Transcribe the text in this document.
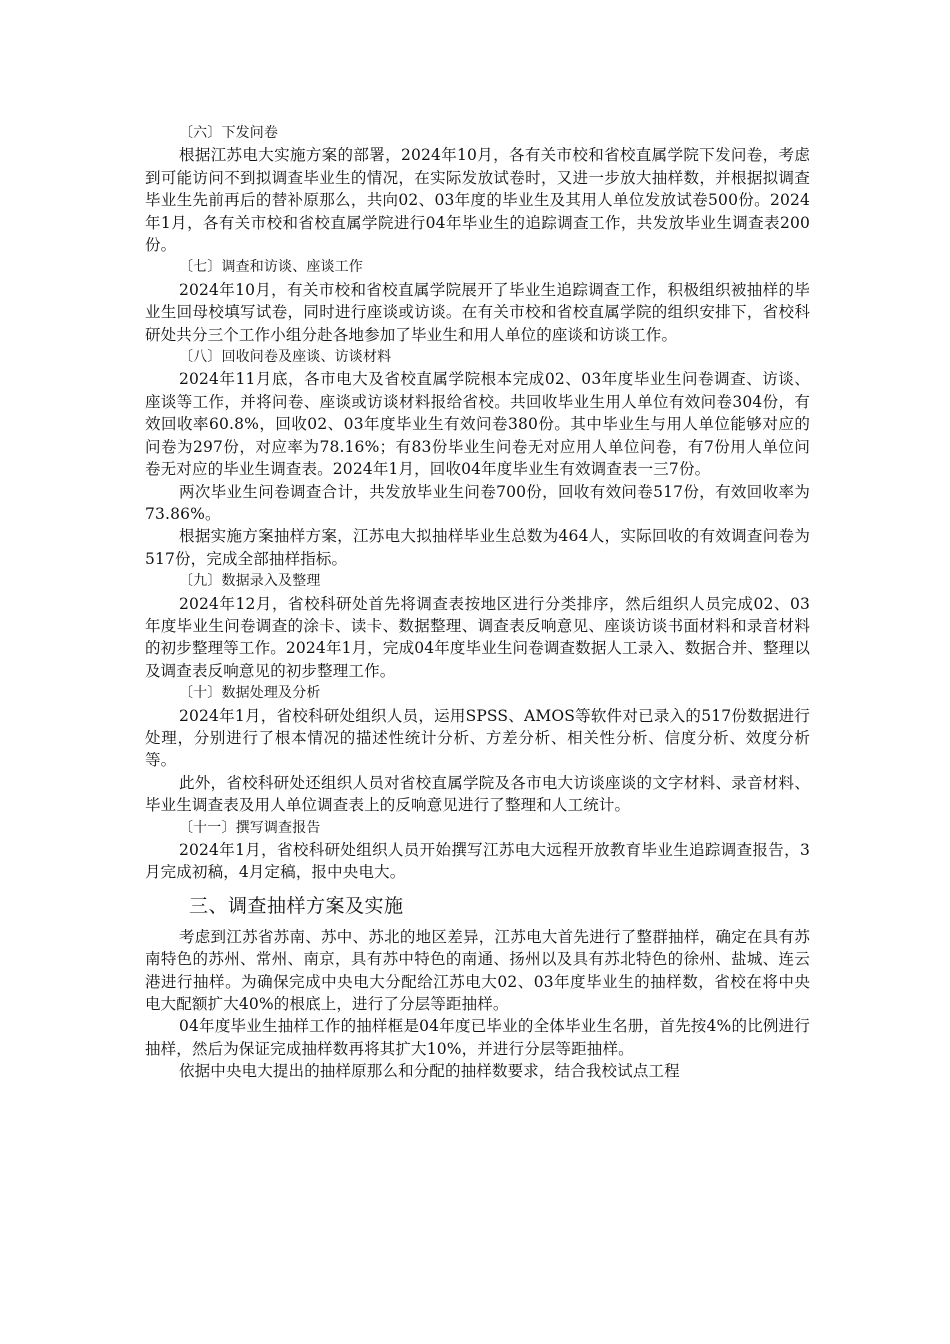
〔六〕下发问卷

根据江苏电大实施方案的部署，2024年10月，各有关市校和省校直属学院下发问卷，考虑到可能访问不到拟调查毕业生的情况，在实际发放试卷时，又进一步放大抽样数，并根据拟调查毕业生先前再后的替补原那么，共向02、03年度的毕业生及其用人单位发放试卷500份。2024年1月，各有关市校和省校直属学院进行04年毕业生的追踪调查工作，共发放毕业生调查表200份。

〔七〕调查和访谈、座谈工作

2024年10月，有关市校和省校直属学院展开了毕业生追踪调查工作，积极组织被抽样的毕业生回母校填写试卷，同时进行座谈或访谈。在有关市校和省校直属学院的组织安排下，省校科研处共分三个工作小组分赴各地参加了毕业生和用人单位的座谈和访谈工作。

〔八〕回收问卷及座谈、访谈材料

2024年11月底，各市电大及省校直属学院根本完成02、03年度毕业生问卷调查、访谈、座谈等工作，并将问卷、座谈或访谈材料报给省校。共回收毕业生用人单位有效问卷304份，有效回收率60.8%，回收02、03年度毕业生有效问卷380份。其中毕业生与用人单位能够对应的问卷为297份，对应率为78.16%；有83份毕业生问卷无对应用人单位问卷，有7份用人单位问卷无对应的毕业生调查表。2024年1月，回收04年度毕业生有效调查表一三7份。

两次毕业生问卷调查合计，共发放毕业生问卷700份，回收有效问卷517份，有效回收率为73.86%。

根据实施方案抽样方案，江苏电大拟抽样毕业生总数为464人，实际回收的有效调查问卷为517份，完成全部抽样指标。

〔九〕数据录入及整理

2024年12月，省校科研处首先将调查表按地区进行分类排序，然后组织人员完成02、03年度毕业生问卷调查的涂卡、读卡、数据整理、调查表反响意见、座谈访谈书面材料和录音材料的初步整理等工作。2024年1月，完成04年度毕业生问卷调查数据人工录入、数据合并、整理以及调查表反响意见的初步整理工作。

〔十〕数据处理及分析

2024年1月，省校科研处组织人员，运用SPSS、AMOS等软件对已录入的517份数据进行处理，分别进行了根本情况的描述性统计分析、方差分析、相关性分析、信度分析、效度分析等。

此外，省校科研处还组织人员对省校直属学院及各市电大访谈座谈的文字材料、录音材料、毕业生调查表及用人单位调查表上的反响意见进行了整理和人工统计。

〔十一〕撰写调查报告

2024年1月，省校科研处组织人员开始撰写江苏电大远程开放教育毕业生追踪调查报告，3月完成初稿，4月定稿，报中央电大。

三、调查抽样方案及实施

考虑到江苏省苏南、苏中、苏北的地区差异，江苏电大首先进行了整群抽样，确定在具有苏南特色的苏州、常州、南京，具有苏中特色的南通、扬州以及具有苏北特色的徐州、盐城、连云港进行抽样。为确保完成中央电大分配给江苏电大02、03年度毕业生的抽样数，省校在将中央电大配额扩大40%的根底上，进行了分层等距抽样。

04年度毕业生抽样工作的抽样框是04年度已毕业的全体毕业生名册，首先按4%的比例进行抽样，然后为保证完成抽样数再将其扩大10%，并进行分层等距抽样。

依据中央电大提出的抽样原那么和分配的抽样数要求，结合我校试点工程
